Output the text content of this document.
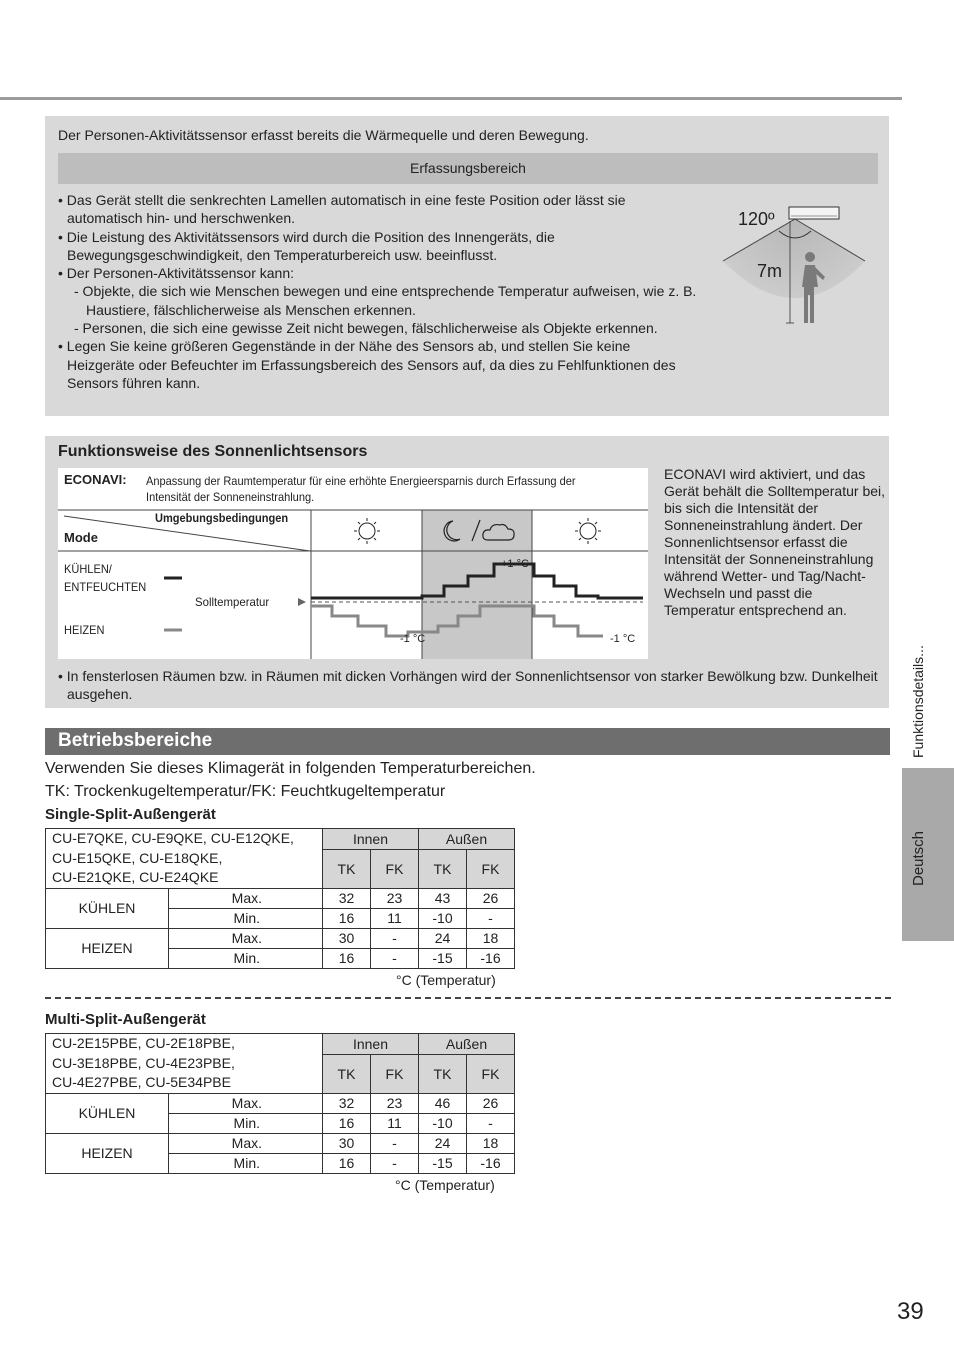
Der Personen-Aktivitätssensor erfasst bereits die Wärmequelle und deren Bewegung.
Erfassungsbereich
• Das Gerät stellt die senkrechten Lamellen automatisch in eine feste Position oder lässt sie automatisch hin- und herschwenken.
• Die Leistung des Aktivitätssensors wird durch die Position des Innengeräts, die Bewegungsgeschwindigkeit, den Temperaturbereich usw. beeinflusst.
• Der Personen-Aktivitätssensor kann:
- Objekte, die sich wie Menschen bewegen und eine entsprechende Temperatur aufweisen, wie z. B. Haustiere, fälschlicherweise als Menschen erkennen.
- Personen, die sich eine gewisse Zeit nicht bewegen, fälschlicherweise als Objekte erkennen.
• Legen Sie keine größeren Gegenstände in der Nähe des Sensors ab, und stellen Sie keine Heizgeräte oder Befeuchter im Erfassungsbereich des Sensors auf, da dies zu Fehlfunktionen des Sensors führen kann.
120º
7m
Funktionsweise des Sonnenlichtsensors
ECONAVI: Anpassung der Raumtemperatur für eine erhöhte Energieersparnis durch Erfassung der Intensität der Sonneneinstrahlung.
Umgebungsbedingungen
Mode
KÜHLEN/
ENTFEUCHTEN
HEIZEN
Solltemperatur
+1 °C
-1 °C	-1 °C
ECONAVI wird aktiviert, und das Gerät behält die Solltemperatur bei, bis sich die Intensität der Sonneneinstrahlung ändert. Der Sonnenlichtsensor erfasst die Intensität der Sonneneinstrahlung während Wetter- und Tag/Nacht-Wechseln und passt die Temperatur entsprechend an.
• In fensterlosen Räumen bzw. in Räumen mit dicken Vorhängen wird der Sonnenlichtsensor von starker Bewölkung bzw. Dunkelheit ausgehen.
Betriebsbereiche
Verwenden Sie dieses Klimagerät in folgenden Temperaturbereichen.
TK: Trockenkugeltemperatur/FK: Feuchtkugeltemperatur
Single-Split-Außengerät
CU-E7QKE, CU-E9QKE, CU-E12QKE,
CU-E15QKE, CU-E18QKE,
CU-E21QKE, CU-E24QKE		Innen		Außen	
		TK	FK	TK	FK
KÜHLEN	Max.	32	23	43	26
	Min.	16	11	-10	-
HEIZEN	Max.	30	-	24	18
	Min.	16	-	-15	-16
°C (Temperatur)
Multi-Split-Außengerät
CU-2E15PBE, CU-2E18PBE,
CU-3E18PBE, CU-4E23PBE,
CU-4E27PBE, CU-5E34PBE		Innen		Außen	
		TK	FK	TK	FK
KÜHLEN	Max.	32	23	46	26
	Min.	16	11	-10	-
HEIZEN	Max.	30	-	24	18
	Min.	16	-	-15	-16
°C (Temperatur)
Funktionsdetails...
Deutsch
39
